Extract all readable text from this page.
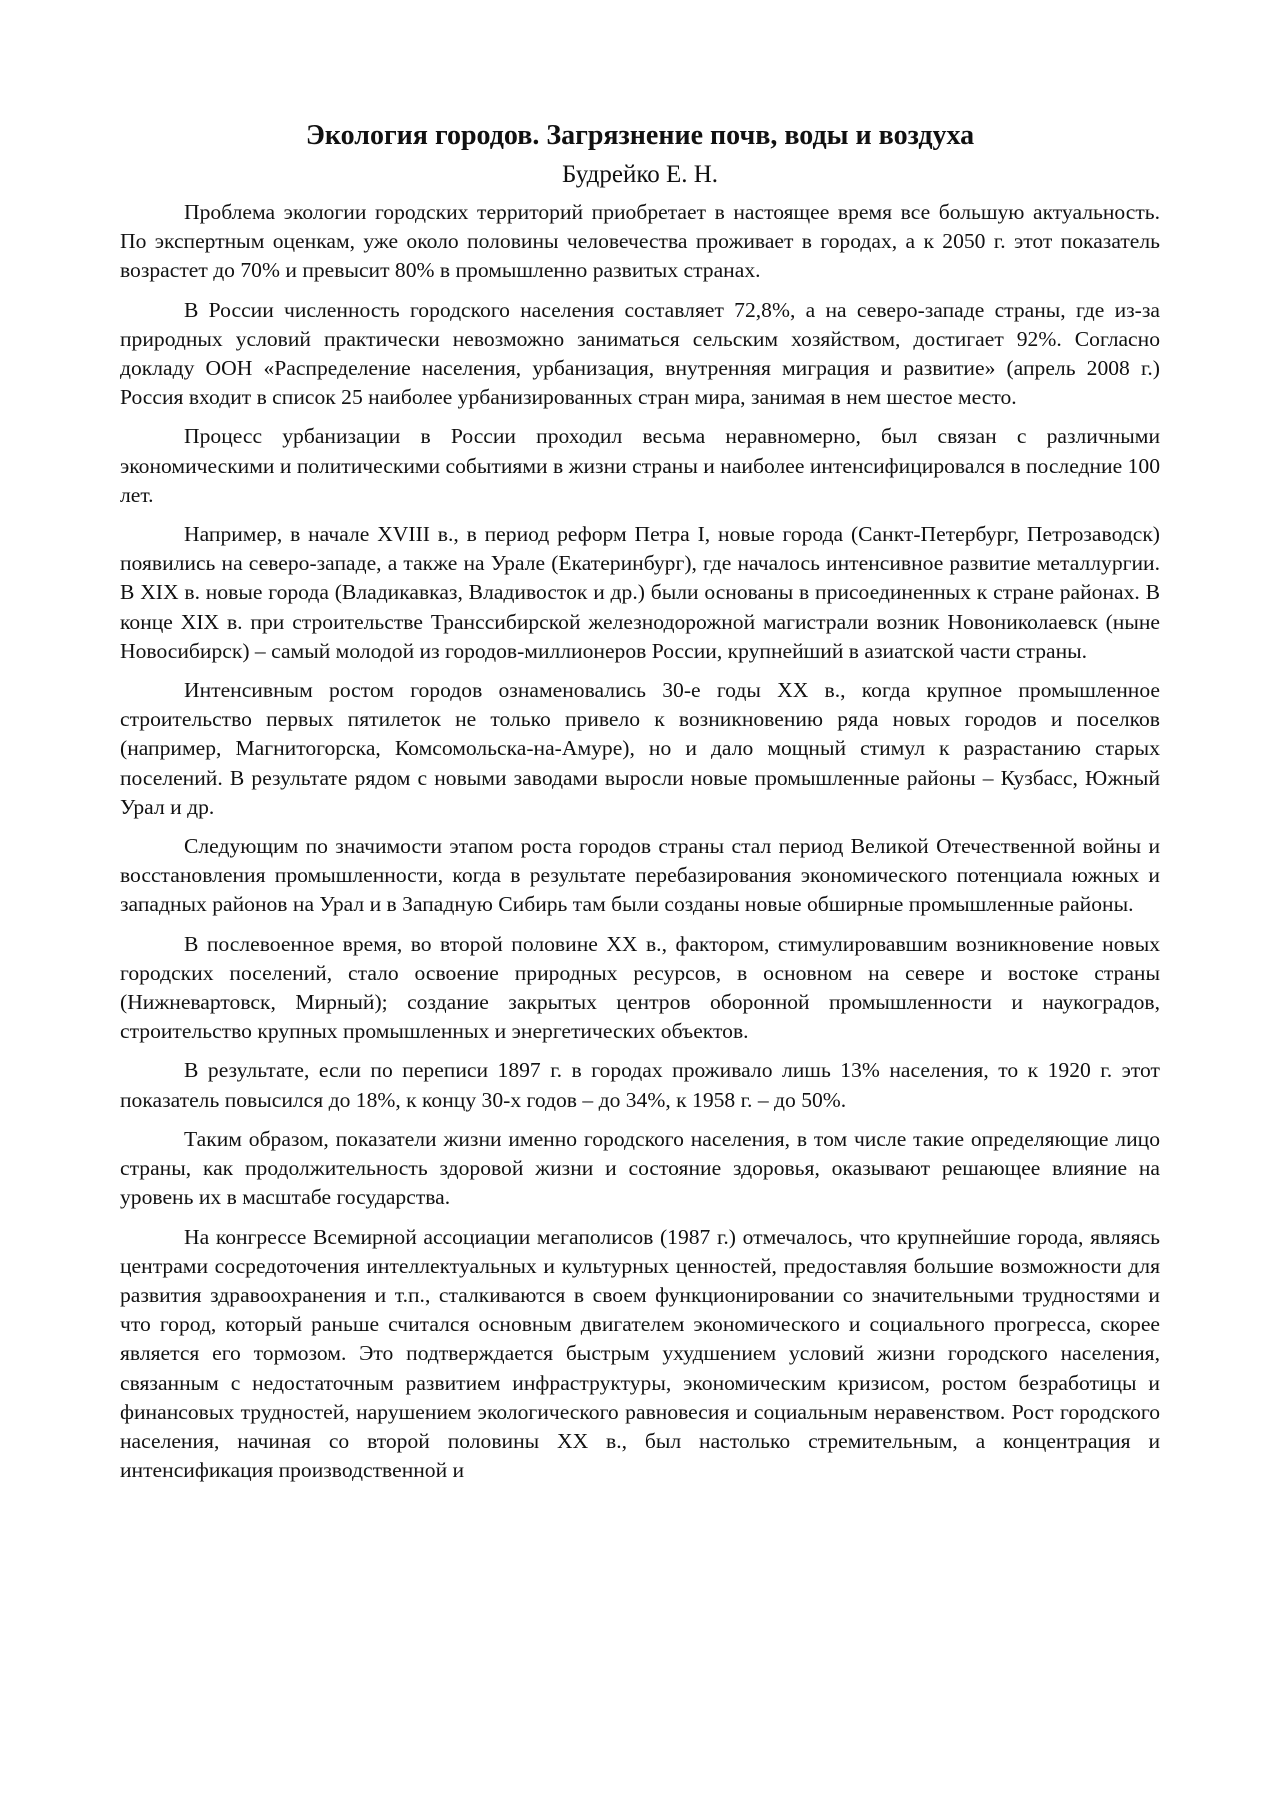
Экология городов. Загрязнение почв, воды и воздуха
Будрейко Е. Н.

Проблема экологии городских территорий приобретает в настоящее время все большую актуальность. По экспертным оценкам, уже около половины человечества проживает в городах, а к 2050 г. этот показатель возрастет до 70% и превысит 80% в промышленно развитых странах.

В России численность городского населения составляет 72,8%, а на северо-западе страны, где из-за природных условий практически невозможно заниматься сельским хозяйством, достигает 92%. Согласно докладу ООН «Распределение населения, урбанизация, внутренняя миграция и развитие» (апрель 2008 г.) Россия входит в список 25 наиболее урбанизированных стран мира, занимая в нем шестое место.

Процесс урбанизации в России проходил весьма неравномерно, был связан с различными экономическими и политическими событиями в жизни страны и наиболее интенсифицировался в последние 100 лет.

Например, в начале XVIII в., в период реформ Петра I, новые города (Санкт-Петербург, Петрозаводск) появились на северо-западе, а также на Урале (Екатеринбург), где началось интенсивное развитие металлургии. В XIX в. новые города (Владикавказ, Владивосток и др.) были основаны в присоединенных к стране районах. В конце XIX в. при строительстве Транссибирской железнодорожной магистрали возник Новониколаевск (ныне Новосибирск) – самый молодой из городов-миллионеров России, крупнейший в азиатской части страны.

Интенсивным ростом городов ознаменовались 30-е годы XX в., когда крупное промышленное строительство первых пятилеток не только привело к возникновению ряда новых городов и поселков (например, Магнитогорска, Комсомольска-на-Амуре), но и дало мощный стимул к разрастанию старых поселений. В результате рядом с новыми заводами выросли новые промышленные районы – Кузбасс, Южный Урал и др.

Следующим по значимости этапом роста городов страны стал период Великой Отечественной войны и восстановления промышленности, когда в результате перебазирования экономического потенциала южных и западных районов на Урал и в Западную Сибирь там были созданы новые обширные промышленные районы.

В послевоенное время, во второй половине XX в., фактором, стимулировавшим возникновение новых городских поселений, стало освоение природных ресурсов, в основном на севере и востоке страны (Нижневартовск, Мирный); создание закрытых центров оборонной промышленности и наукоградов, строительство крупных промышленных и энергетических объектов.

В результате, если по переписи 1897 г. в городах проживало лишь 13% населения, то к 1920 г. этот показатель повысился до 18%, к концу 30-х годов – до 34%, к 1958 г. – до 50%.

Таким образом, показатели жизни именно городского населения, в том числе такие определяющие лицо страны, как продолжительность здоровой жизни и состояние здоровья, оказывают решающее влияние на уровень их в масштабе государства.

На конгрессе Всемирной ассоциации мегаполисов (1987 г.) отмечалось, что крупнейшие города, являясь центрами сосредоточения интеллектуальных и культурных ценностей, предоставляя большие возможности для развития здравоохранения и т.п., сталкиваются в своем функционировании со значительными трудностями и что город, который раньше считался основным двигателем экономического и социального прогресса, скорее является его тормозом. Это подтверждается быстрым ухудшением условий жизни городского населения, связанным с недостаточным развитием инфраструктуры, экономическим кризисом, ростом безработицы и финансовых трудностей, нарушением экологического равновесия и социальным неравенством. Рост городского населения, начиная со второй половины XX в., был настолько стремительным, а концентрация и интенсификация производственной и
